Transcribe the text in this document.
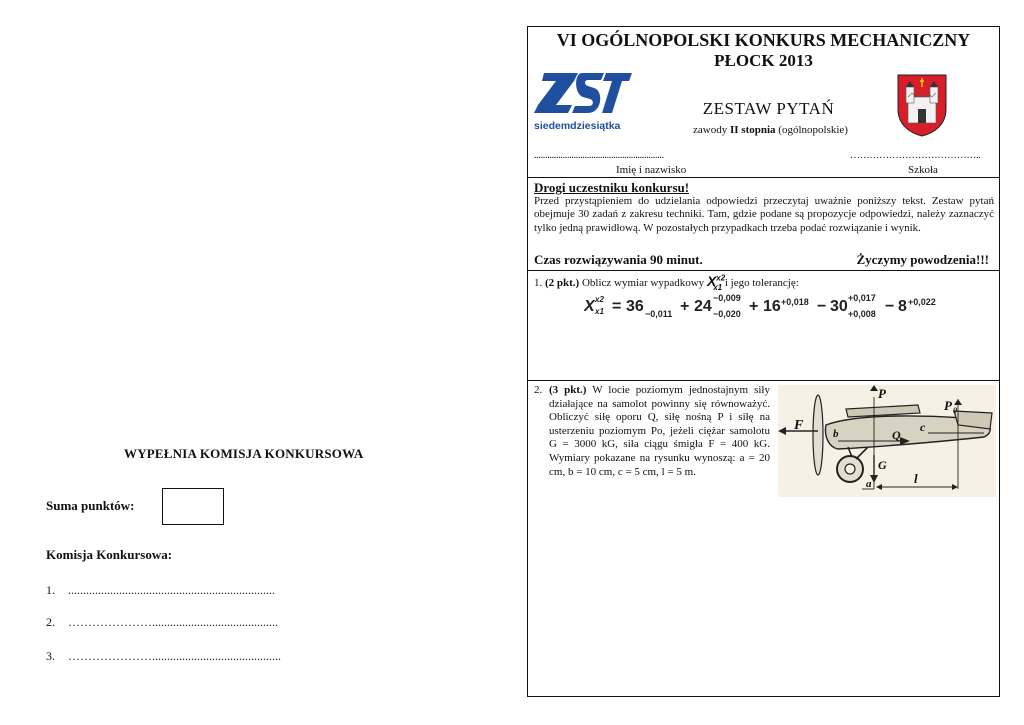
WYPEŁNIA KOMISJA KONKURSOWA
Suma punktów:
Komisja Konkursowa:
1. .....................................................................
2. …………………..........................................
3. …………………...........................................
VI OGÓLNOPOLSKI KONKURS MECHANICZNY
PŁOCK 2013
siedemdziesiątka
ZESTAW PYTAŃ
zawody II stopnia (ogólnopolskie)
...........................................................	…………………………………..
Imię i nazwisko	Szkoła
Drogi uczestniku konkursu!
Przed przystąpieniem do udzielania odpowiedzi przeczytaj uważnie poniższy tekst. Zestaw pytań obejmuje 30 zadań z zakresu techniki. Tam, gdzie podane są propozycje odpowiedzi, należy zaznaczyć tylko jedną prawidłową. W pozostałych przypadkach trzeba podać rozwiązanie i wynik.
Czas rozwiązywania 90 minut.	Życzymy powodzenia!!!
1. (2 pkt.) Oblicz wymiar wypadkowy $X^{x2}_{x1}$ i jego tolerancję:
X x2
x1 = 36 −0,011 + 24 −0,009
−0,020 + 16 +0,018 − 30 +0,017
+0,008 − 8 +0,022
2. (3 pkt.) W locie poziomym jednostajnym siły działające na samolot powinny się równoważyć. Obliczyć siłę oporu Q, siłę nośną P i siłę na usterzeniu poziomym Po, jeżeli ciężar samolotu G = 3000 kG, siła ciągu śmigła F = 400 kG. Wymiary pokazane na rysunku wynoszą: a = 20 cm, b = 10 cm, c = 5 cm, l = 5 m.
P
P 0
F
b	Q
c
G
a	l
